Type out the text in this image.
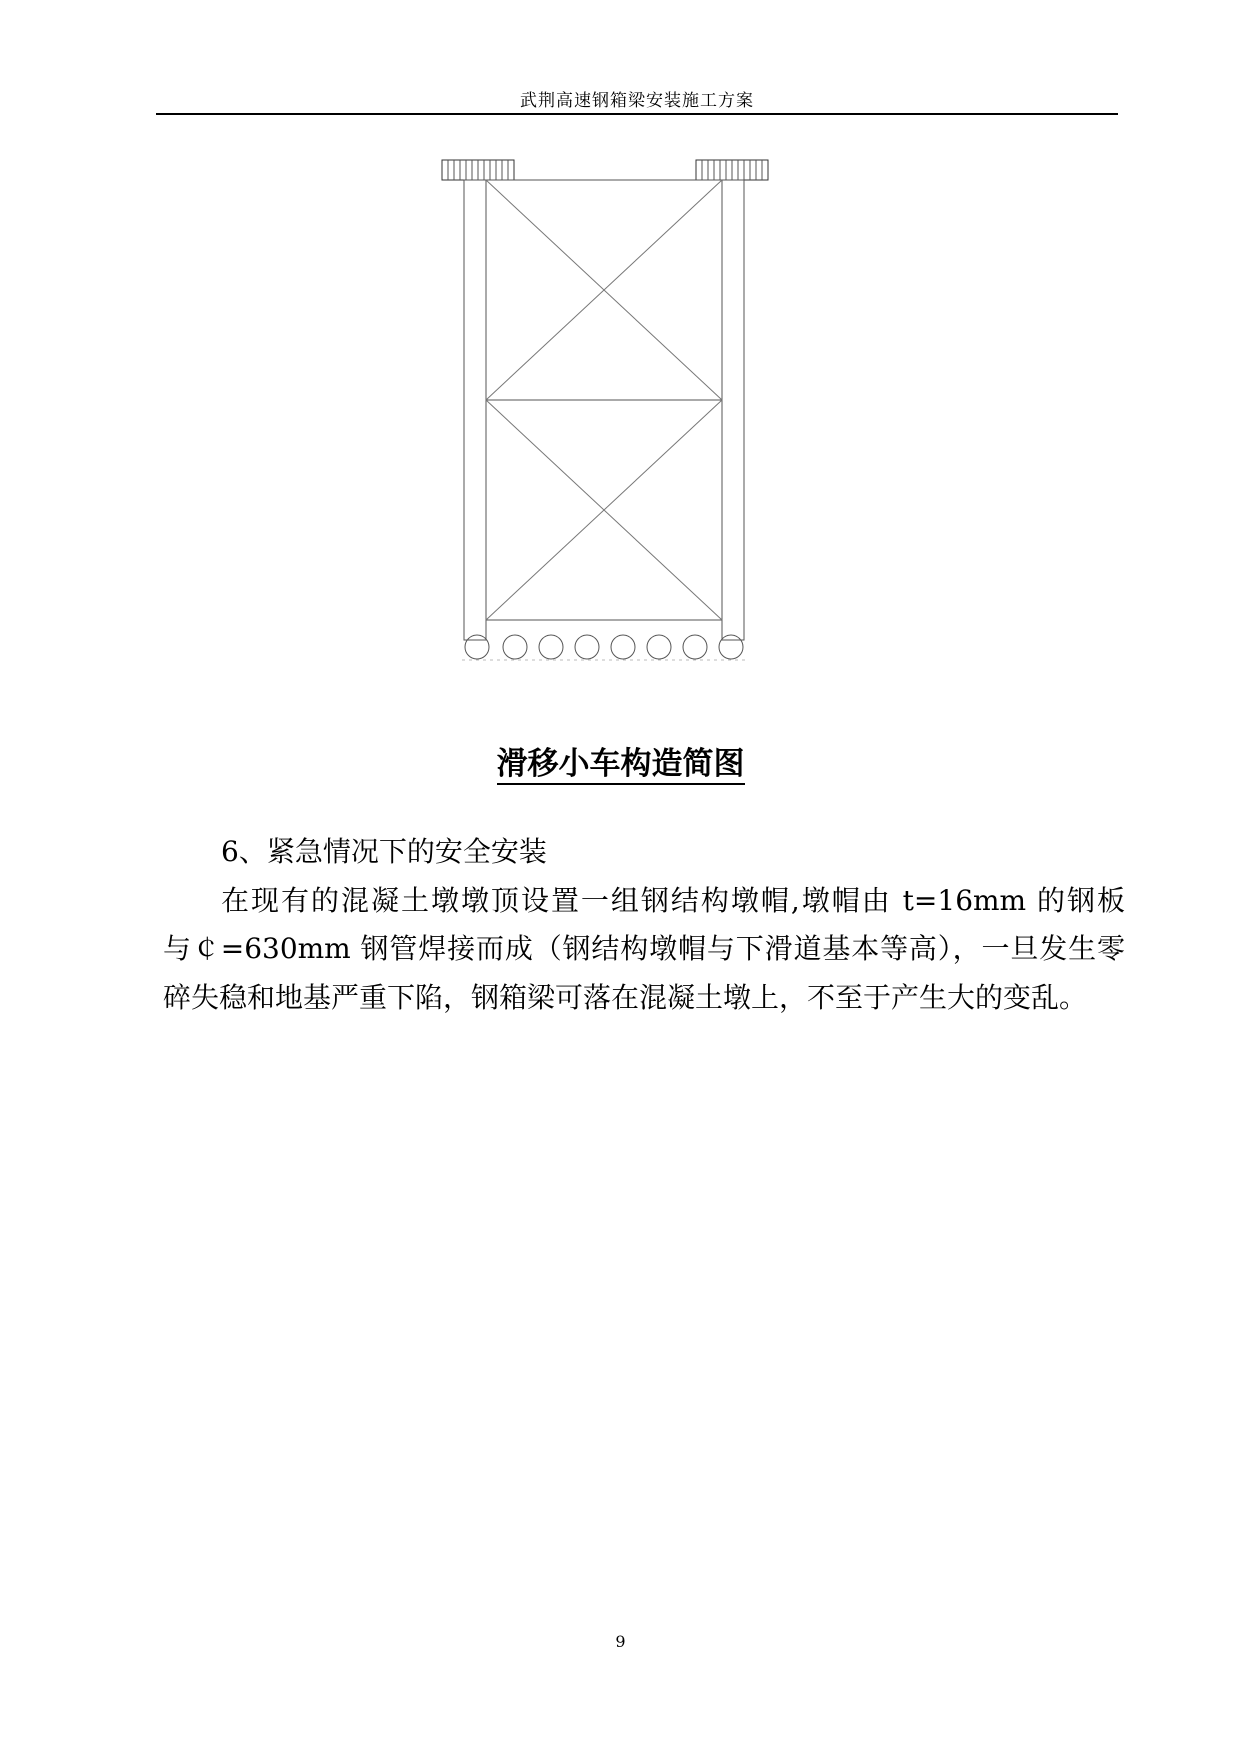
武荆高速钢箱梁安装施工方案
滑移小车构造简图

6、紧急情况下的安全安装

在现有的混凝土墩墩顶设置一组钢结构墩帽,墩帽由 t=16mm 的钢板与￠=630mm 钢管焊接而成（钢结构墩帽与下滑道基本等高），一旦发生零碎失稳和地基严重下陷，钢箱梁可落在混凝土墩上，不至于产生大的变乱。

9
